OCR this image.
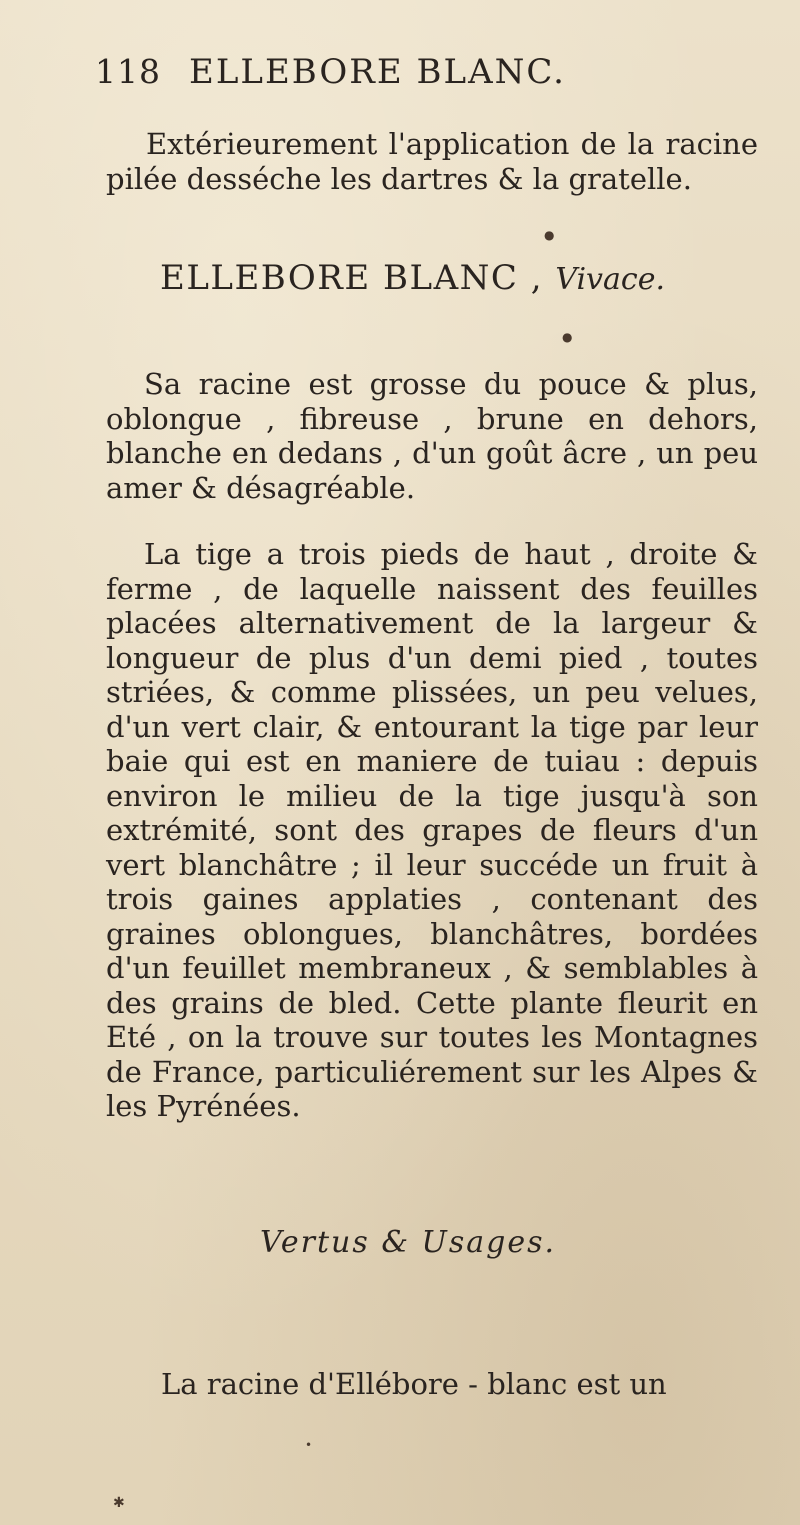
118 ELLEBORE BLANC.

Extérieurement l'application de la racine pilée desséche les dartres & la gratelle.

ELLEBORE BLANC , Vivace.

Sa racine est grosse du pouce & plus, oblongue , fibreuse , brune en dehors, blanche en dedans , d'un goût âcre , un peu amer & désagréable.

La tige a trois pieds de haut , droite & ferme , de laquelle naissent des feuilles placées alternativement de la largeur & longueur de plus d'un demi pied , toutes striées, & comme plissées, un peu velues, d'un vert clair, & entourant la tige par leur baie qui est en maniere de tuiau : depuis environ le milieu de la tige jusqu'à son extrémité, sont des grapes de fleurs d'un vert blanchâtre ; il leur succéde un fruit à trois gaines applaties , contenant des graines oblongues, blanchâtres, bordées d'un feuillet membraneux , & semblables à des grains de bled. Cette plante fleurit en Eté , on la trouve sur toutes les Montagnes de France, particuliérement sur les Alpes & les Pyrénées.

Vertus & Usages.

La racine d'Ellébore - blanc est un

●
●
•
✱
